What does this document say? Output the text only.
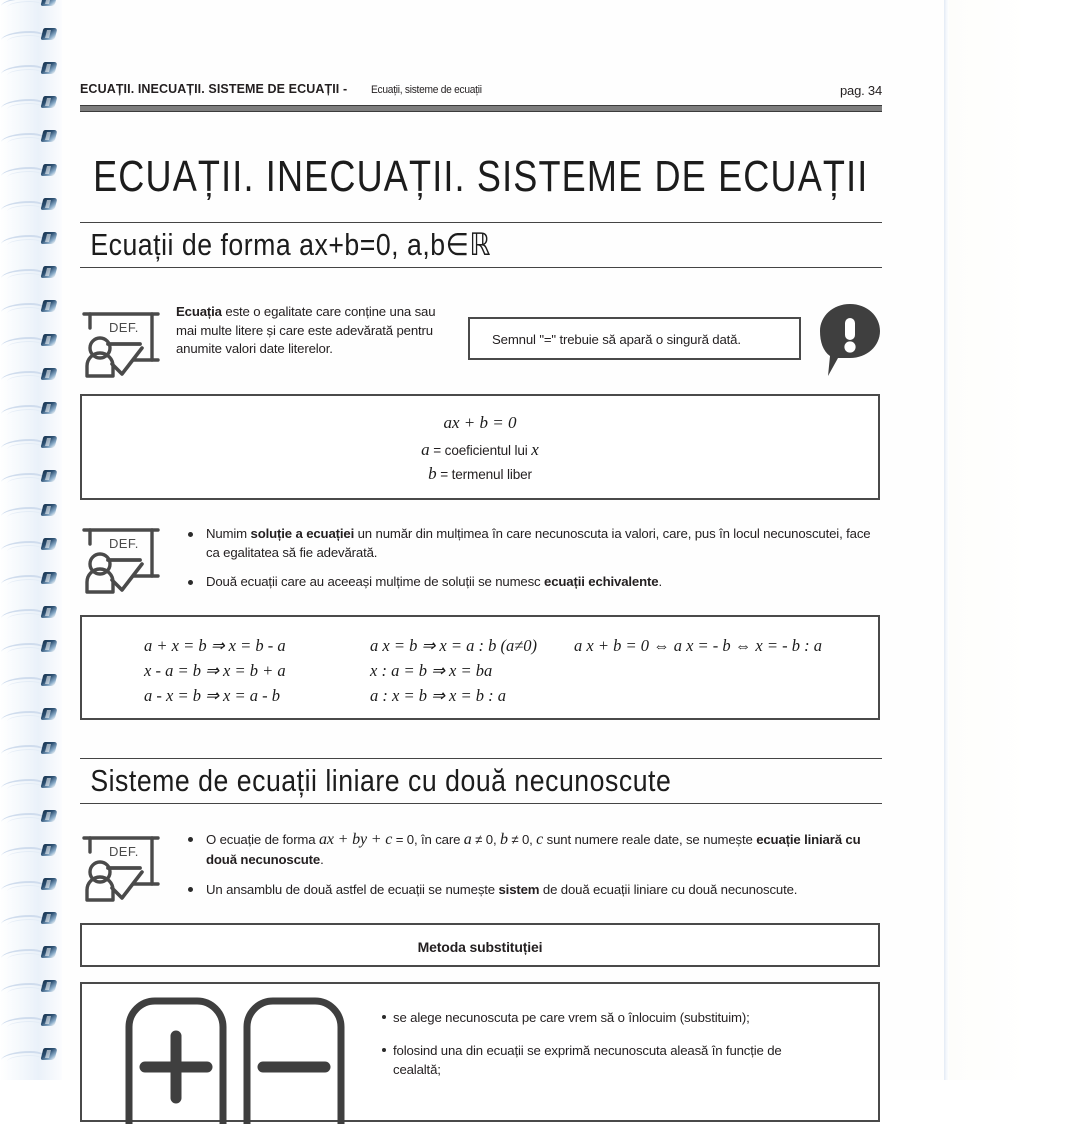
ECUAȚII. INECUAȚII. SISTEME DE ECUAȚII - Ecuații, sisteme de ecuații	pag. 34
ECUAȚII. INECUAȚII. SISTEME DE ECUAȚII
Ecuații de forma ax+b=0, a,b∈ℝ
DEF.
Ecuația este o egalitate care conține una sau mai multe litere și care este adevărată pentru anumite valori date literelor.
Semnul "=" trebuie să apară o singură dată.
ax + b = 0
a = coeficientul lui x
b = termenul liber
DEF.
Numim soluție a ecuației un număr din mulțimea în care necunoscuta ia valori, care, pus în locul necunoscutei, face ca egalitatea să fie adevărată.
Două ecuații care au aceeași mulțime de soluții se numesc ecuații echivalente.
a + x = b ⇒ x = b - a
x - a = b ⇒ x = b + a
a - x = b ⇒ x = a - b
a x = b ⇒ x = a : b (a≠0)
x : a = b ⇒ x = ba
a : x = b ⇒ x = b : a
a x + b = 0 ⇔ a x = - b ⇔ x = - b : a
Sisteme de ecuații liniare cu două necunoscute
DEF.
O ecuație de forma ax + by + c = 0, în care a ≠ 0, b ≠ 0, c sunt numere reale date, se numește ecuație liniară cu două necunoscute.
Un ansamblu de două astfel de ecuații se numește sistem de două ecuații liniare cu două necunoscute.
Metoda substituției
se alege necunoscuta pe care vrem să o înlocuim (substituim);
folosind una din ecuații se exprimă necunoscuta aleasă în funcție de cealaltă;
